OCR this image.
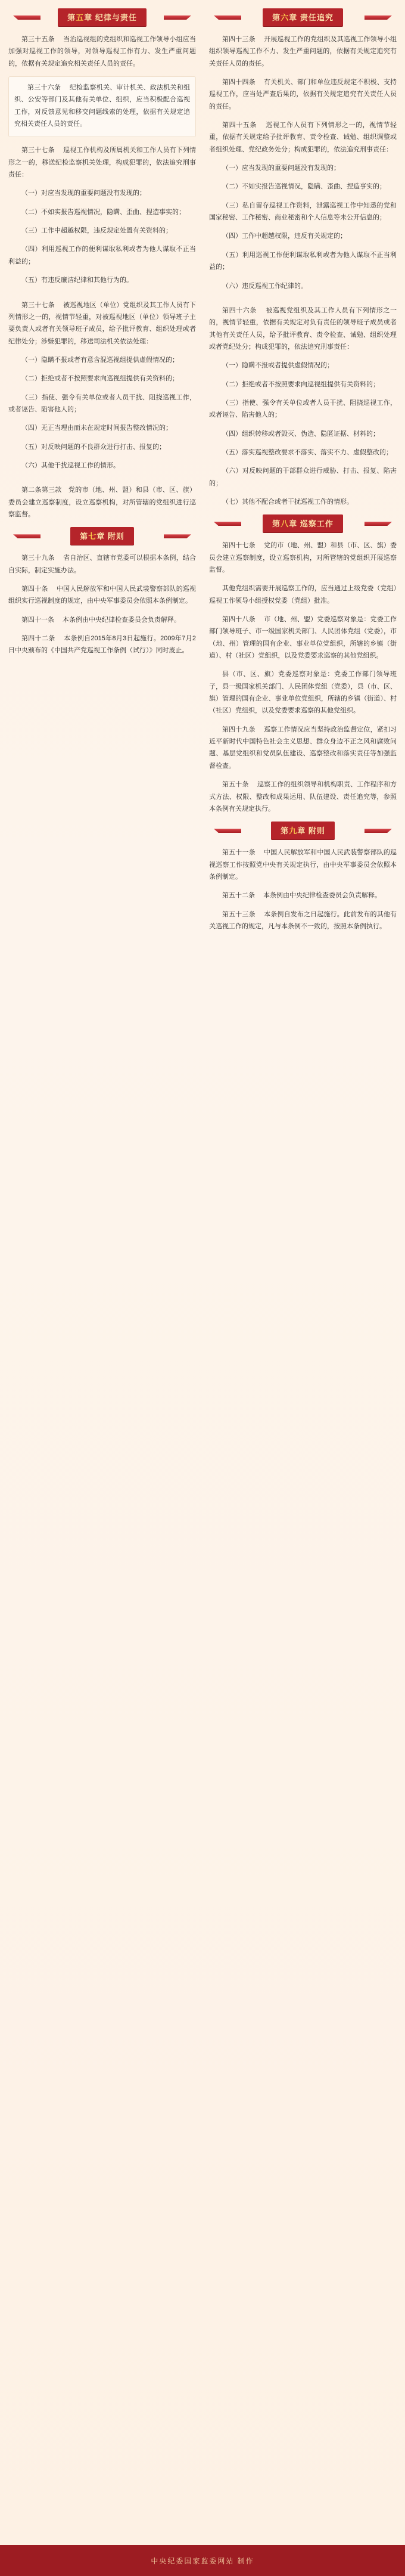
第五章 纪律与责任

第三十五条 　当治巡视组的党组织和巡视工作领导小组应当加强对巡视工作的领导，对领导巡视工作有力、发生严重问题的，依据有关规定追究相关责任人员的责任。

第三十六条 　纪检监察机关、审计机关、政法机关和组织、公安等部门及其他有关单位、组织，应当积极配合巡视工作，对反馈意见和移交问题线索的处理，依据有关规定追究相关责任人员的责任。

第三十七条 　巡视工作机构及所属机关和工作人员有下列情形之一的，移送纪检监察机关处理，构成犯罪的，依法追究刑事责任：

（一）对应当发现的重要问题没有发现的；

（二）不如实报告巡视情况，隐瞒、歪曲、捏造事实的；

（三）工作中超越权限，违反规定处置有关资料的；

（四）利用巡视工作的便利谋取私利或者为他人谋取不正当利益的；

（五）有违反廉洁纪律和其他行为的。

第三十七条 　被巡视地区（单位）党组织及其工作人员有下列情形之一的，视情节轻重，对被巡视地区（单位）领导班子主要负责人或者有关领导班子成员，给予批评教育、组织处理或者纪律处分；涉嫌犯罪的，移送司法机关依法处理：

（一）隐瞒不报或者有意含混巡视组提供虚假情况的；

（二）拒绝或者不按照要求向巡视组提供有关资料的；

（三）指使、强令有关单位或者人员干扰、阻挠巡视工作，或者诬告、陷害他人的；

（四）无正当理由而未在规定时间报告整改情况的；

（五）对反映问题的不良群众进行打击、报复的；

（六）其他干扰巡视工作的情形。

第二条第三款　党的市（地、州、盟）和县（市、区、旗）委员会建立巡察制度，设立巡察机构，对所管辖的党组织进行巡察监督。

第七章 附则

第三十九条 　省自治区、直辖市党委可以根据本条例，结合自实际，制定实施办法。

第四十条 　中国人民解放军和中国人民武装警察部队的巡视组织实行巡视制度的规定，由中央军事委员会依照本条例制定。

第四十一条 　本条例由中央纪律检查委员会负责解释。

第四十二条 　本条例自2015年8月3日起施行。2009年7月2日中央颁布的《中国共产党巡视工作条例（试行）》同时废止。

第六章 责任追究

第四十三条 　开展巡视工作的党组织及其巡视工作领导小组组织领导巡视工作不力、发生严重问题的，依据有关规定追究有关责任人员的责任。

第四十四条 　有关机关、部门和单位违反规定不积极、支持巡视工作，应当处严查后果的，依据有关规定追究有关责任人员的责任。

第四十五条 　巡视工作人员有下列情形之一的，视情节轻重，依据有关规定给予批评教育、责令检查、诫勉、组织调整或者组织处理、党纪政务处分；构成犯罪的，依法追究刑事责任：

（一）应当发现的重要问题没有发现的；

（二）不如实报告巡视情况，隐瞒、歪曲、捏造事实的；

（三）私自留存巡视工作资料，泄露巡视工作中知悉的党和国家秘密、工作秘密、商业秘密和个人信息等未公开信息的；

（四）工作中超越权限，违反有关规定的；

（五）利用巡视工作便利谋取私利或者为他人谋取不正当利益的；

（六）违反巡视工作纪律的。

第四十六条 　被巡视党组织及其工作人员有下列情形之一的，视情节轻重，依据有关规定对负有责任的领导班子成员或者其他有关责任人员，给予批评教育、责令检查、诫勉、组织处理或者党纪处分；构成犯罪的，依法追究刑事责任：

（一）隐瞒不报或者提供虚假情况的；

（二）拒绝或者不按照要求向巡视组提供有关资料的；

（三）指使、强令有关单位或者人员干扰、阻挠巡视工作，或者诬告、陷害他人的；

（四）组织转移或者毁灭、伪造、隐匿证据、材料的；

（五）落实巡视整改要求不落实、落实不力、虚假整改的；

（六）对反映问题的干部群众进行威胁、打击、报复、陷害的；

（七）其他不配合或者干扰巡视工作的情形。

第八章 巡察工作

第四十七条 　党的市（地、州、盟）和县（市、区、旗）委员会建立巡察制度，设立巡察机构，对所管辖的党组织开展巡察监督。

其他党组织需要开展巡察工作的，应当通过上级党委（党组）巡视工作领导小组授权党委（党组）批准。

第四十八条 　市（地、州、盟）党委巡察对象是：党委工作部门领导班子、市一级国家机关部门、人民团体党组（党委），市（地、州）管理的国有企业、事业单位党组织，所辖的乡镇（街道）、村（社区）党组织，以及党委要求巡察的其他党组织。

县（市、区、旗）党委巡察对象是：党委工作部门领导班子，县一级国家机关部门、人民团体党组（党委），县（市、区、旗）管理的国有企业、事业单位党组织，所辖的乡镇（街道）、村（社区）党组织，以及党委要求巡察的其他党组织。

第四十九条 　巡察工作情况应当坚持政治监督定位，紧扣习近平新时代中国特色社会主义思想、群众身边不正之风和腐败问题、基层党组织和党员队伍建设、巡察整改和落实责任等加强监督检查。

第五十条 　巡察工作的组织领导和机构职责、工作程序和方式方法、权限、整改和成果运用、队伍建设、责任追究等，参照本条例有关规定执行。

第九章 附则

第五十一条 　中国人民解放军和中国人民武装警察部队的巡视巡察工作按照党中央有关规定执行，由中央军事委员会依照本条例制定。

第五十二条 　本条例由中央纪律检查委员会负责解释。

第五十三条 　本条例自发布之日起施行。此前发布的其他有关巡视工作的规定，凡与本条例不一致的，按照本条例执行。

中央纪委国家监委网站 制作
